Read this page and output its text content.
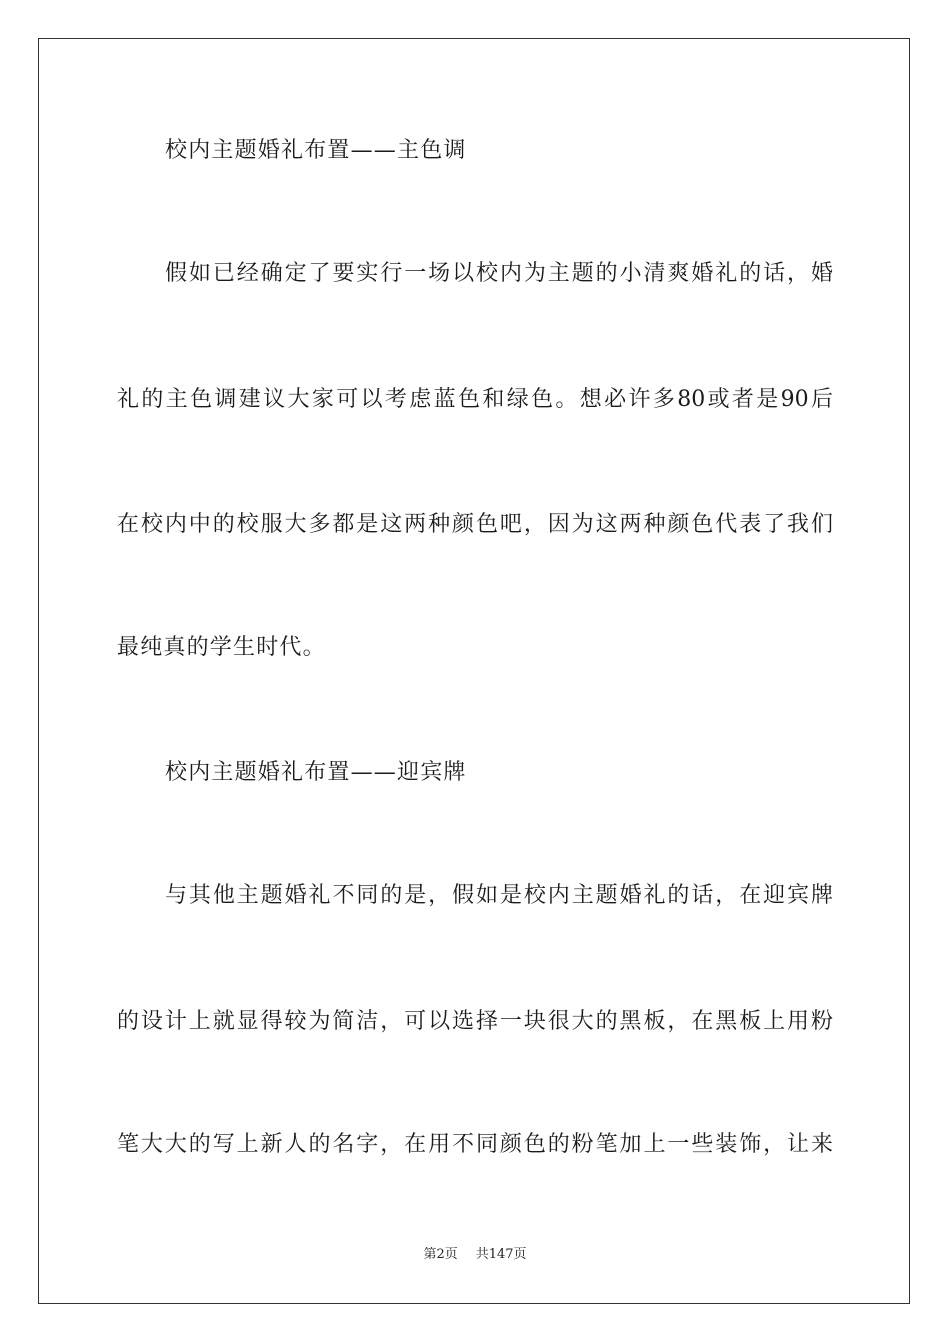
校内主题婚礼布置——主色调
假如已经确定了要实行一场以校内为主题的小清爽婚礼的话，婚
礼的主色调建议大家可以考虑蓝色和绿色。想必许多80或者是90后
在校内中的校服大多都是这两种颜色吧，因为这两种颜色代表了我们
最纯真的学生时代。
校内主题婚礼布置——迎宾牌
与其他主题婚礼不同的是，假如是校内主题婚礼的话，在迎宾牌
的设计上就显得较为简洁，可以选择一块很大的黑板，在黑板上用粉
笔大大的写上新人的名字，在用不同颜色的粉笔加上一些装饰，让来
第2页 共147页
